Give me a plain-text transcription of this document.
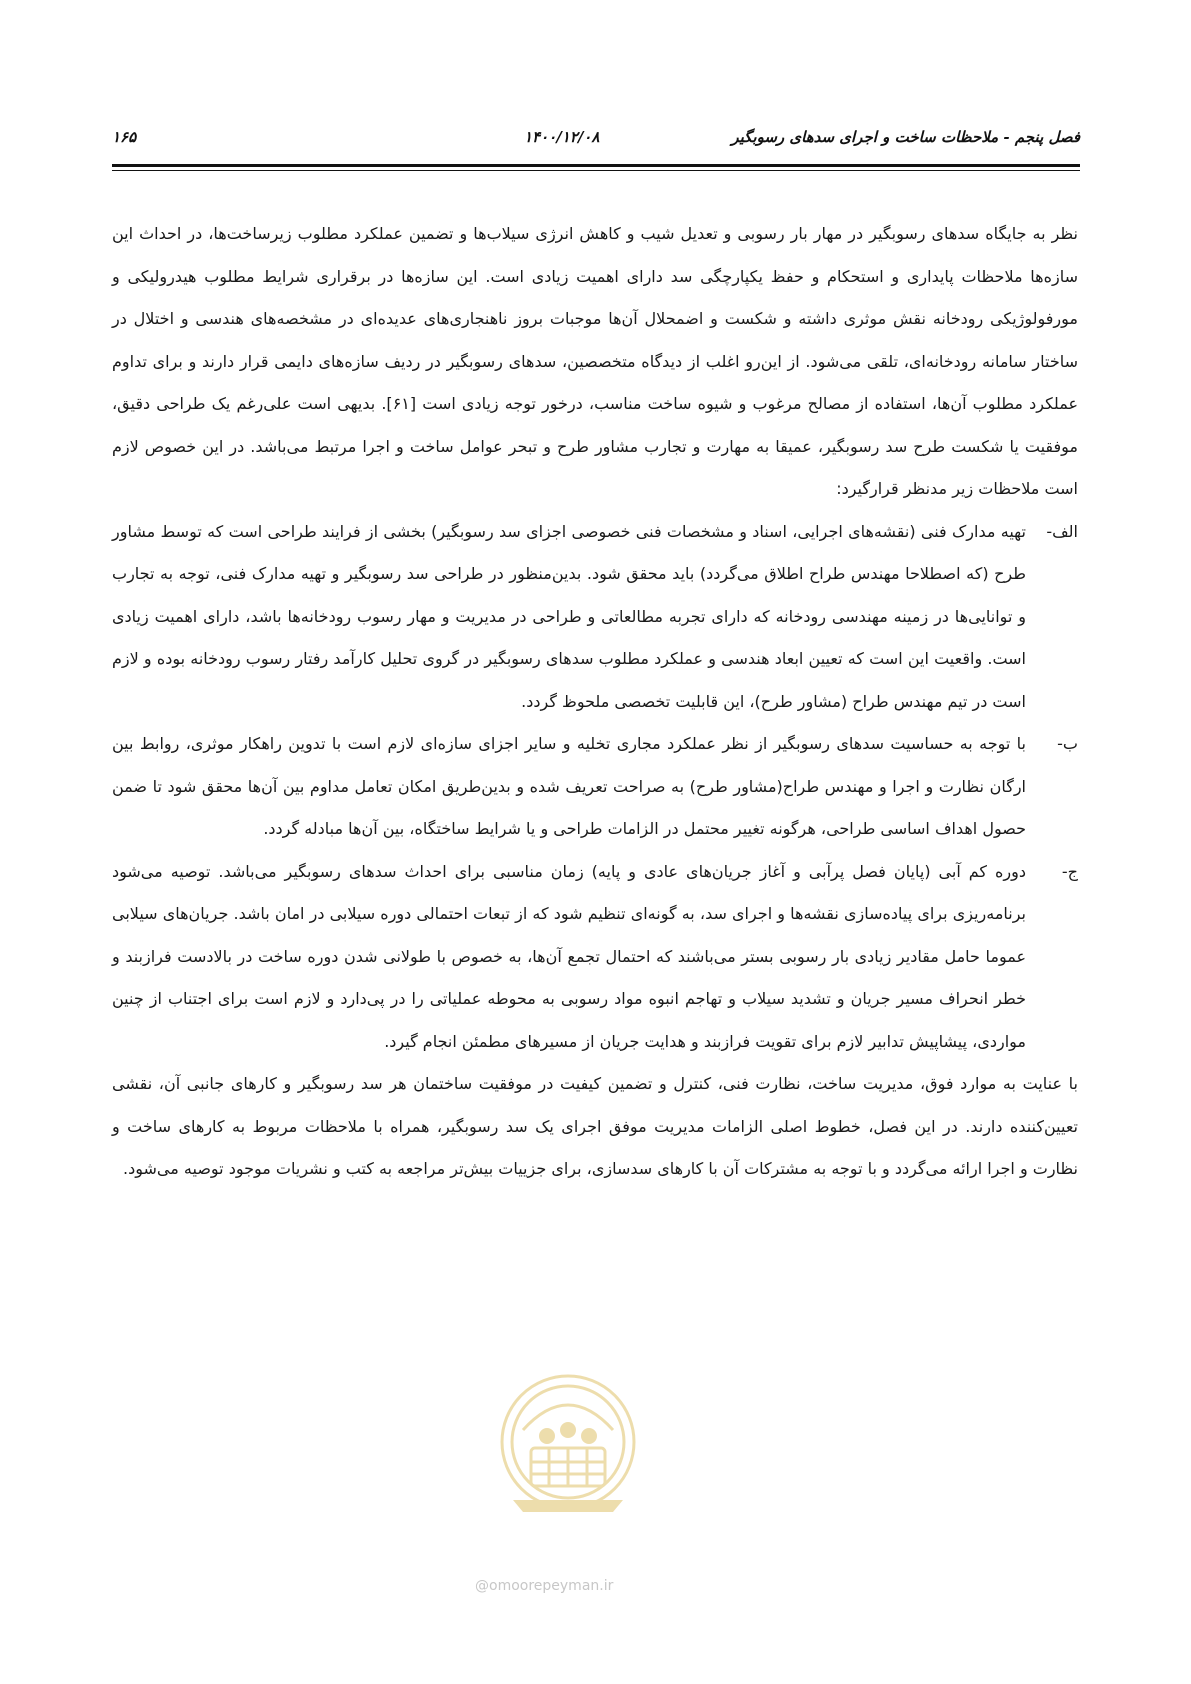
فصل پنجم - ملاحظات ساخت و اجرای سدهای رسوبگیر
۱۴۰۰/۱۲/۰۸
۱۶۵

نظر به جایگاه سدهای رسوبگیر در مهار بار رسوبی و تعدیل شیب و کاهش انرژی سیلاب‌ها و تضمین عملکرد مطلوب زیرساخت‌ها، در احداث این سازه‌ها ملاحظات پایداری و استحکام و حفظ یکپارچگی سد دارای اهمیت زیادی است. این سازه‌ها در برقراری شرایط مطلوب هیدرولیکی و مورفولوژیکی رودخانه نقش موثری داشته و شکست و اضمحلال آن‌ها موجبات بروز ناهنجاری‌های عدیده‌ای در مشخصه‌های هندسی و اختلال در ساختار سامانه رودخانه‌ای، تلقی می‌شود. از این‌رو اغلب از دیدگاه متخصصین، سدهای رسوبگیر در ردیف سازه‌های دایمی قرار دارند و برای تداوم عملکرد مطلوب آن‌ها، استفاده از مصالح مرغوب و شیوه ساخت مناسب، درخور توجه زیادی است [۶۱]. بدیهی است علی‌رغم یک طراحی دقیق، موفقیت یا شکست طرح سد رسوبگیر، عمیقا به مهارت و تجارب مشاور طرح و تبحر عوامل ساخت و اجرا مرتبط می‌باشد. در این خصوص لازم است ملاحظات زیر مدنظر قرارگیرد:

الف-
تهیه مدارک فنی (نقشه‌های اجرایی، اسناد و مشخصات فنی خصوصی اجزای سد رسوبگیر) بخشی از فرایند طراحی است که توسط مشاور طرح (که اصطلاحا مهندس طراح اطلاق می‌گردد) باید محقق شود. بدین‌منظور در طراحی سد رسوبگیر و تهیه مدارک فنی، توجه به تجارب و توانایی‌ها در زمینه مهندسی رودخانه که دارای تجربه مطالعاتی و طراحی در مدیریت و مهار رسوب رودخانه‌ها باشد، دارای اهمیت زیادی است. واقعیت این است که تعیین ابعاد هندسی و عملکرد مطلوب سدهای رسوبگیر در گروی تحلیل کارآمد رفتار رسوب رودخانه بوده و لازم است در تیم مهندس طراح (مشاور طرح)، این قابلیت تخصصی ملحوظ گردد.
ب-
با توجه به حساسیت سدهای رسوبگیر از نظر عملکرد مجاری تخلیه و سایر اجزای سازه‌ای لازم است با تدوین راهکار موثری، روابط بین ارگان نظارت و اجرا و مهندس طراح(مشاور طرح) به صراحت تعریف شده و بدین‌طریق امکان تعامل مداوم بین آن‌ها محقق شود تا ضمن حصول اهداف اساسی طراحی، هرگونه تغییر محتمل در الزامات طراحی و یا شرایط ساختگاه، بین آن‌ها مبادله گردد.
ج-
دوره کم آبی (پایان فصل پرآبی و آغاز جریان‌های عادی و پایه) زمان مناسبی برای احداث سدهای رسوبگیر می‌باشد. توصیه می‌شود برنامه‌ریزی برای پیاده‌سازی نقشه‌ها و اجرای سد، به گونه‌ای تنظیم شود که از تبعات احتمالی دوره سیلابی در امان باشد. جریان‌های سیلابی عموما حامل مقادیر زیادی بار رسوبی بستر می‌باشند که احتمال تجمع آن‌ها، به خصوص با طولانی شدن دوره ساخت در بالادست فرازبند و خطر انحراف مسیر جریان و تشدید سیلاب و تهاجم انبوه مواد رسوبی به محوطه عملیاتی را در پی‌دارد و لازم است برای اجتناب از چنین مواردی، پیشاپیش تدابیر لازم برای تقویت فرازبند و هدایت جریان از مسیرهای مطمئن انجام گیرد.

با عنایت به موارد فوق، مدیریت ساخت، نظارت فنی، کنترل و تضمین کیفیت در موفقیت ساختمان هر سد رسوبگیر و کارهای جانبی آن، نقشی تعیین‌کننده دارند. در این فصل، خطوط اصلی الزامات مدیریت موفق اجرای یک سد رسوبگیر، همراه با ملاحظات مربوط به کارهای ساخت و نظارت و اجرا ارائه می‌گردد و با توجه به مشترکات آن با کارهای سدسازی، برای جزییات بیش‌تر مراجعه به کتب و نشریات موجود توصیه می‌شود.

@omoorepeyman.ir
